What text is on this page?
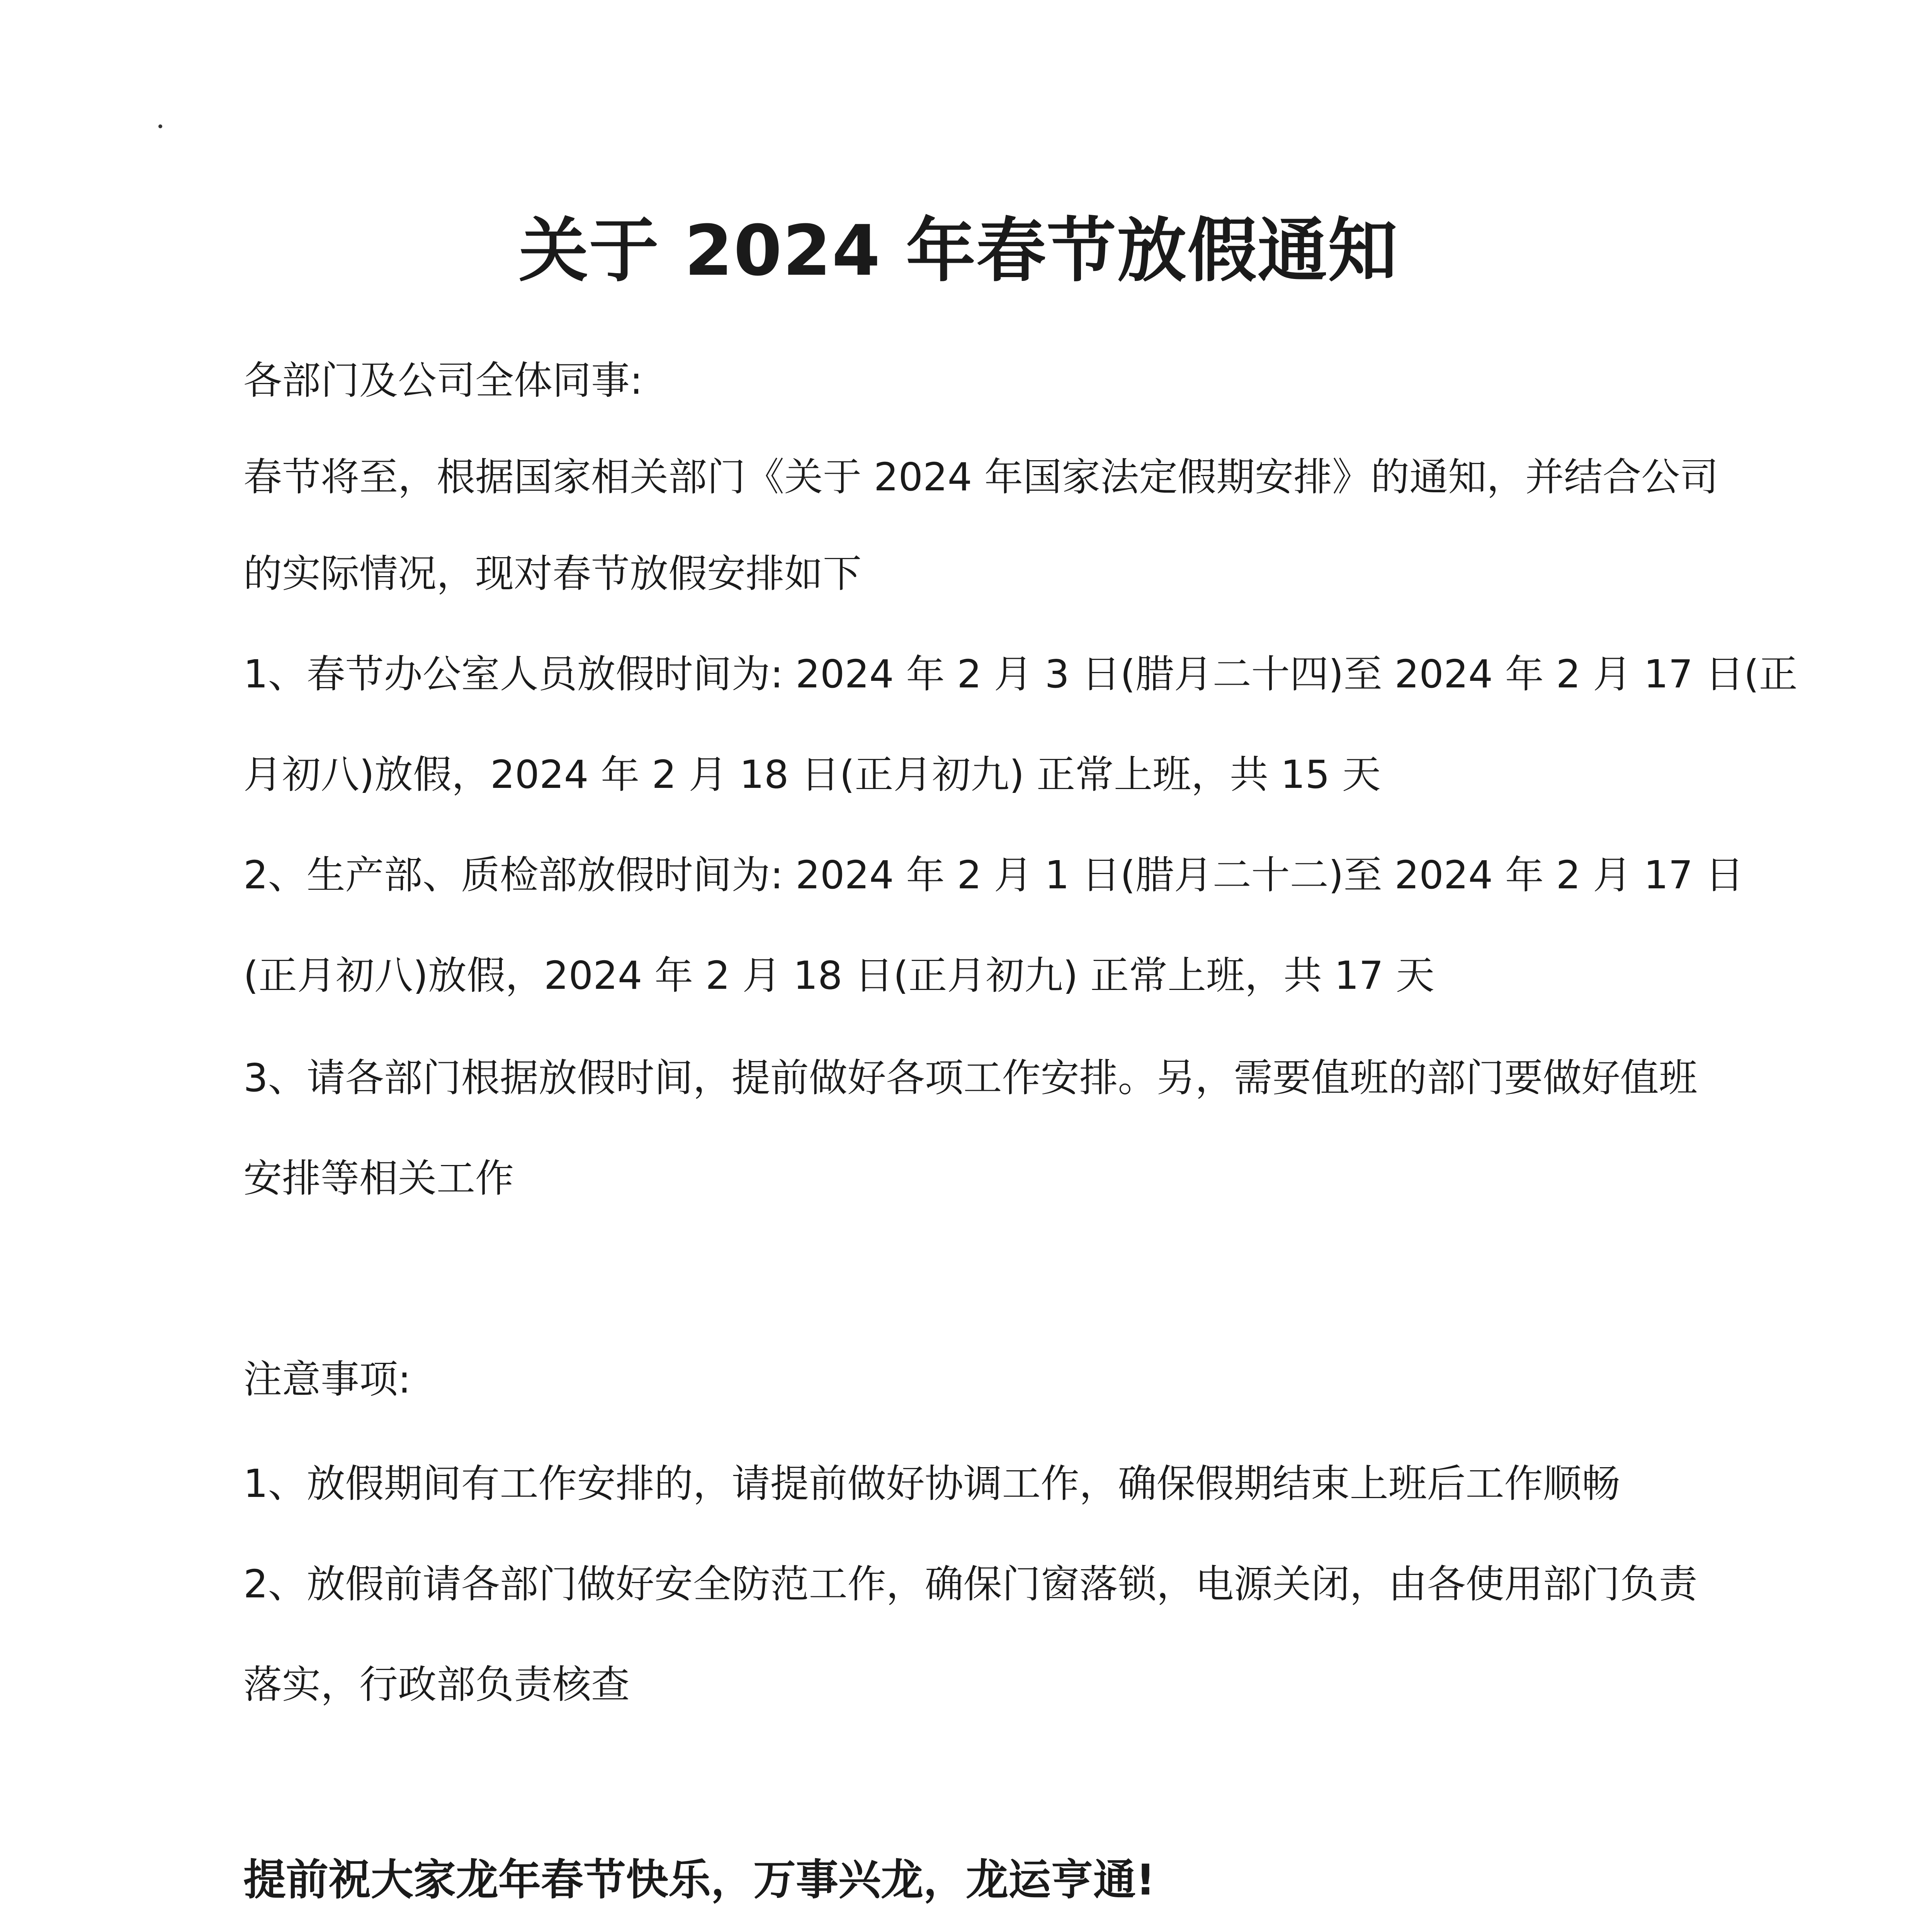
关于 2024 年春节放假通知
各部门及公司全体同事:
春节将至，根据国家相关部门《关于 2024 年国家法定假期安排》的通知，并结合公司
的实际情况，现对春节放假安排如下
1、春节办公室人员放假时间为: 2024 年 2 月 3 日(腊月二十四)至 2024 年 2 月 17 日(正
月初八)放假，2024 年 2 月 18 日(正月初九) 正常上班，共 15 天
2、生产部、质检部放假时间为: 2024 年 2 月 1 日(腊月二十二)至 2024 年 2 月 17 日
(正月初八)放假，2024 年 2 月 18 日(正月初九) 正常上班，共 17 天
3、请各部门根据放假时间，提前做好各项工作安排。另，需要值班的部门要做好值班
安排等相关工作
注意事项:
1、放假期间有工作安排的，请提前做好协调工作，确保假期结束上班后工作顺畅
2、放假前请各部门做好安全防范工作，确保门窗落锁，电源关闭，由各使用部门负责
落实，行政部负责核查
提前祝大家龙年春节快乐，万事兴龙，龙运亨通!
